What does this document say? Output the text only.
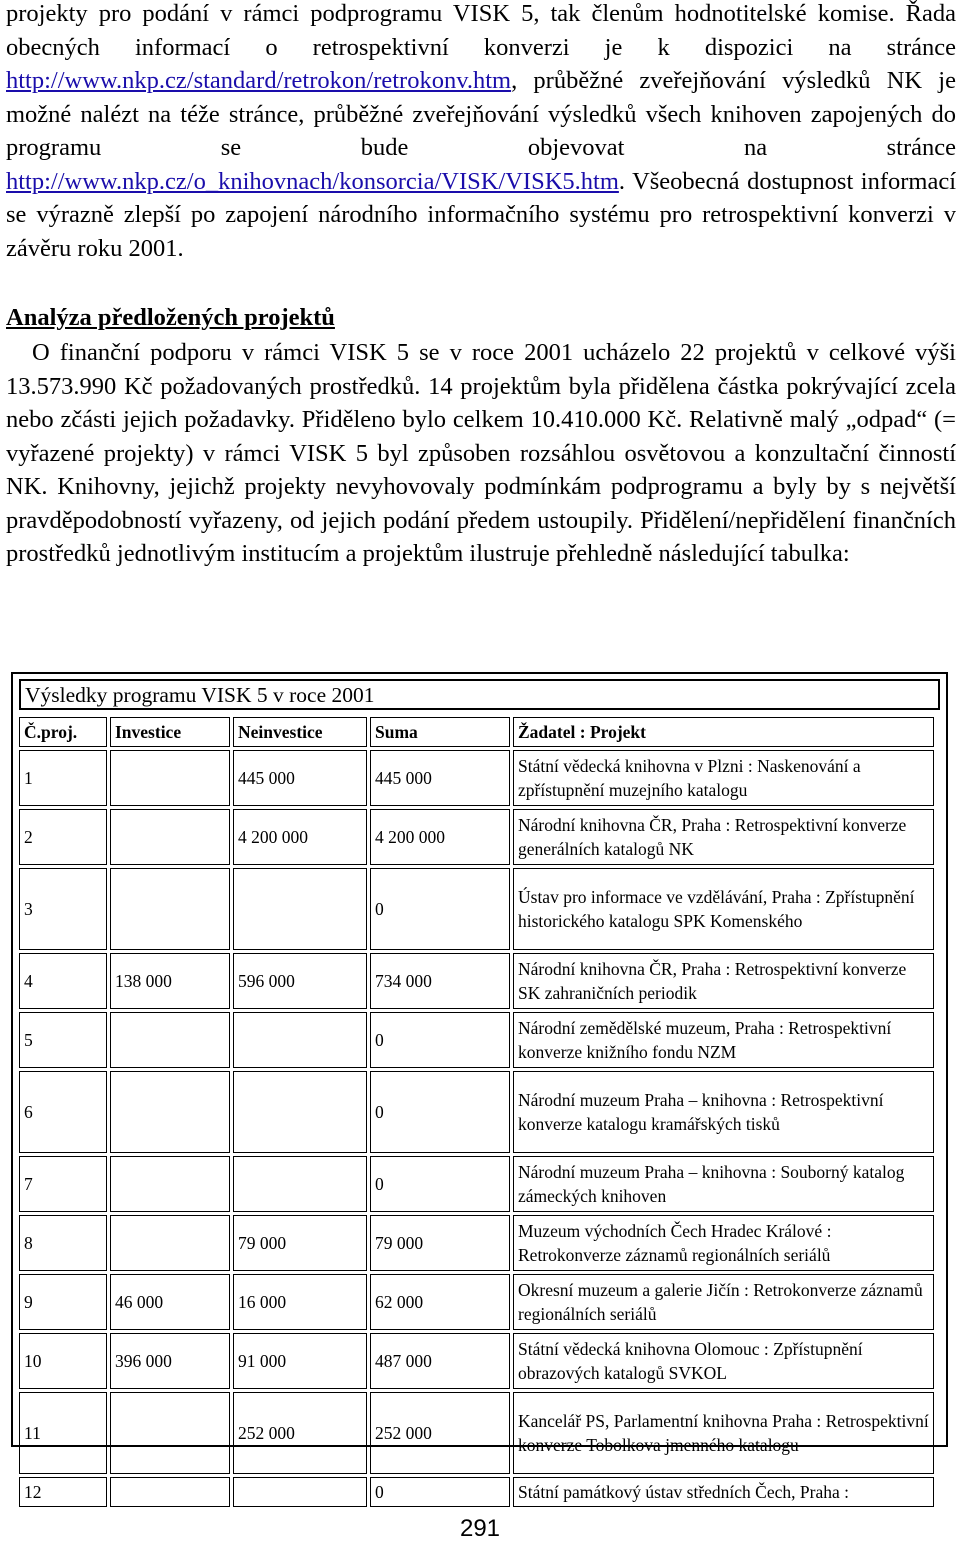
projekty pro podání v rámci podprogramu VISK 5, tak členům hodnotitelské komise. Řada obecných informací o retrospektivní konverzi je k dispozici na stránce http://www.nkp.cz/standard/retrokon/retrokonv.htm, průběžné zveřejňování výsledků NK je možné nalézt na téže stránce, průběžné zveřejňování výsledků všech knihoven zapojených do programu se bude objevovat na stránce http://www.nkp.cz/o_knihovnach/konsorcia/VISK/VISK5.htm. Všeobecná dostupnost informací se výrazně zlepší po zapojení národního informačního systému pro retrospektivní konverzi v závěru roku 2001.

Analýza předložených projektů

O finanční podporu v rámci VISK 5 se v roce 2001 ucházelo 22 projektů v celkové výši 13.573.990 Kč požadovaných prostředků. 14 projektům byla přidělena částka pokrývající zcela nebo zčásti jejich požadavky. Přiděleno bylo celkem 10.410.000 Kč. Relativně malý „odpad“ (= vyřazené projekty) v rámci VISK 5 byl způsoben rozsáhlou osvětovou a konzultační činností NK. Knihovny, jejichž projekty nevyhovovaly podmínkám podprogramu a byly by s největší pravděpodobností vyřazeny, od jejich podání předem ustoupily. Přidělení/nepřidělení finančních prostředků jednotlivým institucím a projektům ilustruje přehledně následující tabulka:

Výsledky programu VISK 5 v roce 2001
Č.proj.	Investice	Neinvestice	Suma	Žadatel : Projekt
1		445 000	445 000	Státní vědecká knihovna v Plzni : Naskenování a zpřístupnění muzejního katalogu
2		4 200 000	4 200 000	Národní knihovna ČR, Praha : Retrospektivní konverze generálních katalogů NK
3			0	Ústav pro informace ve vzdělávání, Praha : Zpřístupnění historického katalogu SPK Komenského
4	138 000	596 000	734 000	Národní knihovna ČR, Praha : Retrospektivní konverze SK zahraničních periodik
5			0	Národní zemědělské muzeum, Praha : Retrospektivní konverze knižního fondu NZM
6			0	Národní muzeum Praha – knihovna : Retrospektivní konverze katalogu kramářských tisků
7			0	Národní muzeum Praha – knihovna : Souborný katalog zámeckých knihoven
8		79 000	79 000	Muzeum východních Čech Hradec Králové : Retrokonverze záznamů regionálních seriálů
9	46 000	16 000	62 000	Okresní muzeum a galerie Jičín : Retrokonverze záznamů regionálních seriálů
10	396 000	91 000	487 000	Státní vědecká knihovna Olomouc : Zpřístupnění obrazových katalogů SVKOL
11		252 000	252 000	Kancelář PS, Parlamentní knihovna Praha : Retrospektivní konverze Tobolkova jmenného katalogu
12			0	Státní památkový ústav středních Čech, Praha :
291
